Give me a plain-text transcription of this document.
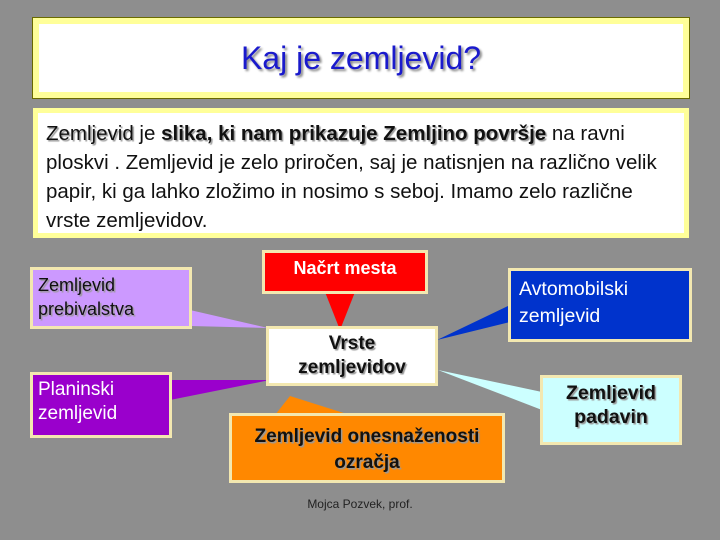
Kaj je zemljevid?
Zemljevid je slika, ki nam prikazuje Zemljino površje na ravni ploskvi . Zemljevid je zelo priročen, saj je natisnjen na različno velik papir, ki ga lahko zložimo in nosimo s seboj. Imamo zelo različne vrste zemljevidov.
Zemljevid prebivalstva
Planinski zemljevid
Načrt mesta
Vrste zemljevidov
Avtomobilski zemljevid
Zemljevid onesnaženosti ozračja
Zemljevid padavin
Mojca Pozvek, prof.
